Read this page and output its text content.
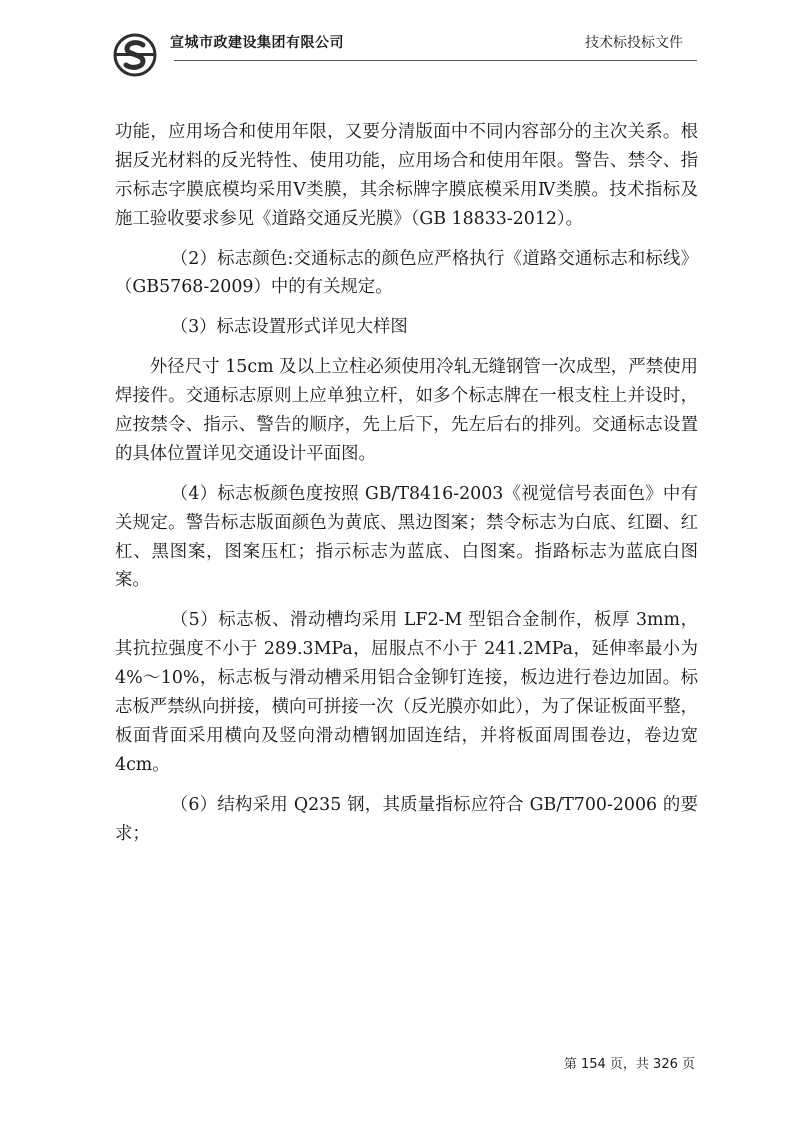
宣城市政建设集团有限公司	技术标投标文件

功能，应用场合和使用年限，又要分清版面中不同内容部分的主次关系。根据反光材料的反光特性、使用功能，应用场合和使用年限。警告、禁令、指示标志字膜底模均采用Ⅴ类膜，其余标牌字膜底模采用Ⅳ类膜。技术指标及施工验收要求参见《道路交通反光膜》（GB 18833-2012）。

（2）标志颜色:交通标志的颜色应严格执行《道路交通标志和标线》（GB5768-2009）中的有关规定。

（3）标志设置形式详见大样图

外径尺寸 15cm 及以上立柱必须使用冷轧无缝钢管一次成型，严禁使用焊接件。交通标志原则上应单独立杆，如多个标志牌在一根支柱上并设时，应按禁令、指示、警告的顺序，先上后下，先左后右的排列。交通标志设置的具体位置详见交通设计平面图。

（4）标志板颜色度按照 GB/T8416-2003《视觉信号表面色》中有关规定。警告标志版面颜色为黄底、黑边图案；禁令标志为白底、红圈、红杠、黑图案，图案压杠；指示标志为蓝底、白图案。指路标志为蓝底白图案。

（5）标志板、滑动槽均采用 LF2-M 型铝合金制作，板厚 3mm，其抗拉强度不小于 289.3MPa，屈服点不小于 241.2MPa，延伸率最小为 4%～10%，标志板与滑动槽采用铝合金铆钉连接，板边进行卷边加固。标志板严禁纵向拼接，横向可拼接一次（反光膜亦如此），为了保证板面平整，板面背面采用横向及竖向滑动槽钢加固连结，并将板面周围卷边，卷边宽4cm。

（6）结构采用 Q235 钢，其质量指标应符合 GB/T700-2006 的要求；

第 154 页，共 326 页
